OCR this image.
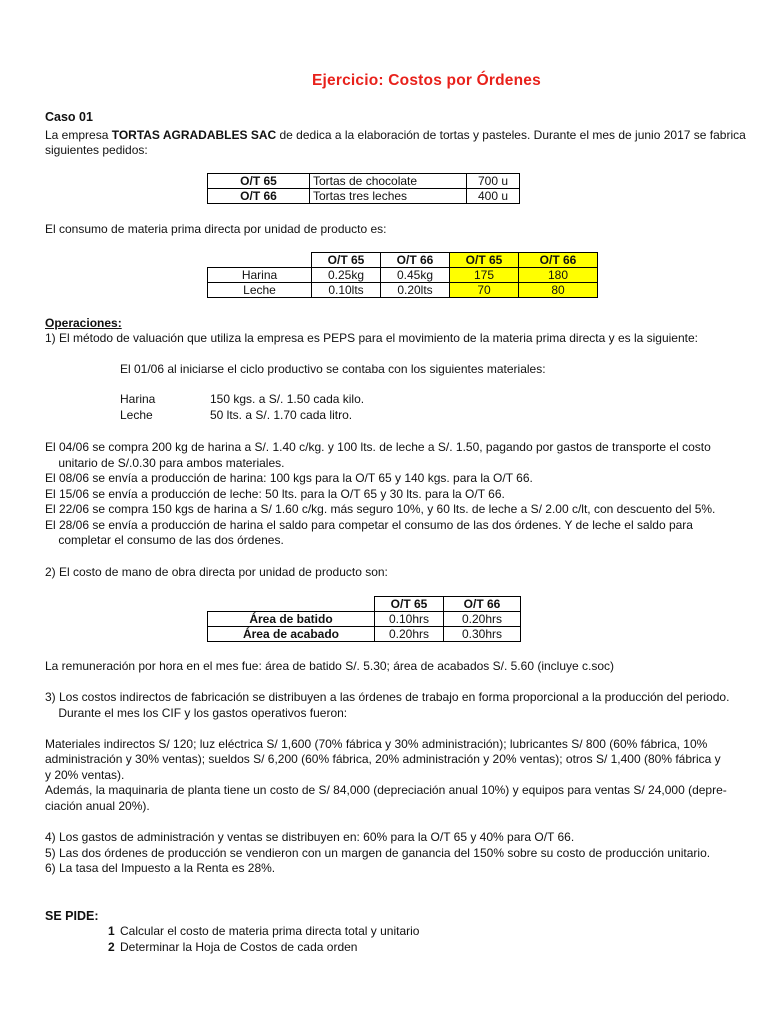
Ejercicio: Costos por Órdenes
Caso 01
La empresa TORTAS AGRADABLES SAC de dedica a la elaboración de tortas y pasteles. Durante el mes de junio 2017 se fabrica
siguientes pedidos:
O/T 65	Tortas de chocolate	700 u
O/T 66	Tortas tres leches	400 u
El consumo de materia prima directa por unidad de producto es:
	O/T 65	O/T 66	O/T 65	O/T 66
Harina	0.25kg	0.45kg	175	180
Leche	0.10lts	0.20lts	70	80
Operaciones:
1) El método de valuación que utiliza la empresa es PEPS para el movimiento de la materia prima directa y es la siguiente:
El 01/06 al iniciarse el ciclo productivo se contaba con los siguientes materiales:
Harina	150 kgs. a S/. 1.50 cada kilo.
Leche	50 lts. a S/. 1.70 cada litro.
El 04/06 se compra 200 kg de harina a S/. 1.40 c/kg. y 100 lts. de leche a S/. 1.50, pagando por gastos de transporte el costo
unitario de S/.0.30 para ambos materiales.
El 08/06 se envía a producción de harina: 100 kgs para la O/T 65 y 140 kgs. para la O/T 66.
El 15/06 se envía a producción de leche: 50 lts. para la O/T 65 y 30 lts. para la O/T 66.
El 22/06 se compra 150 kgs de harina a S/ 1.60 c/kg. más seguro 10%, y 60 lts. de leche a S/ 2.00 c/lt, con descuento del 5%.
El 28/06 se envía a producción de harina el saldo para competar el consumo de las dos órdenes. Y de leche el saldo para
completar el consumo de las dos órdenes.
2) El costo de mano de obra directa por unidad de producto son:
	O/T 65	O/T 66
Área de batido	0.10hrs	0.20hrs
Área de acabado	0.20hrs	0.30hrs
La remuneración por hora en el mes fue: área de batido S/. 5.30; área de acabados S/. 5.60 (incluye c.soc)
3) Los costos indirectos de fabricación se distribuyen a las órdenes de trabajo en forma proporcional a la producción del periodo.
Durante el mes los CIF y los gastos operativos fueron:
Materiales indirectos S/ 120; luz eléctrica S/ 1,600 (70% fábrica y 30% administración); lubricantes S/ 800 (60% fábrica, 10%
administración y 30% ventas); sueldos S/ 6,200 (60% fábrica, 20% administración y 20% ventas); otros S/ 1,400 (80% fábrica y
y 20% ventas).
Además, la maquinaria de planta tiene un costo de S/ 84,000 (depreciación anual 10%) y equipos para ventas S/ 24,000 (depre-
ciación anual 20%).
4) Los gastos de administración y ventas se distribuyen en: 60% para la O/T 65 y 40% para O/T 66.
5) Las dos órdenes de producción se vendieron con un margen de ganancia del 150% sobre su costo de producción unitario.
6) La tasa del Impuesto a la Renta es 28%.
SE PIDE:
1 Calcular el costo de materia prima directa total y unitario
2 Determinar la Hoja de Costos de cada orden
